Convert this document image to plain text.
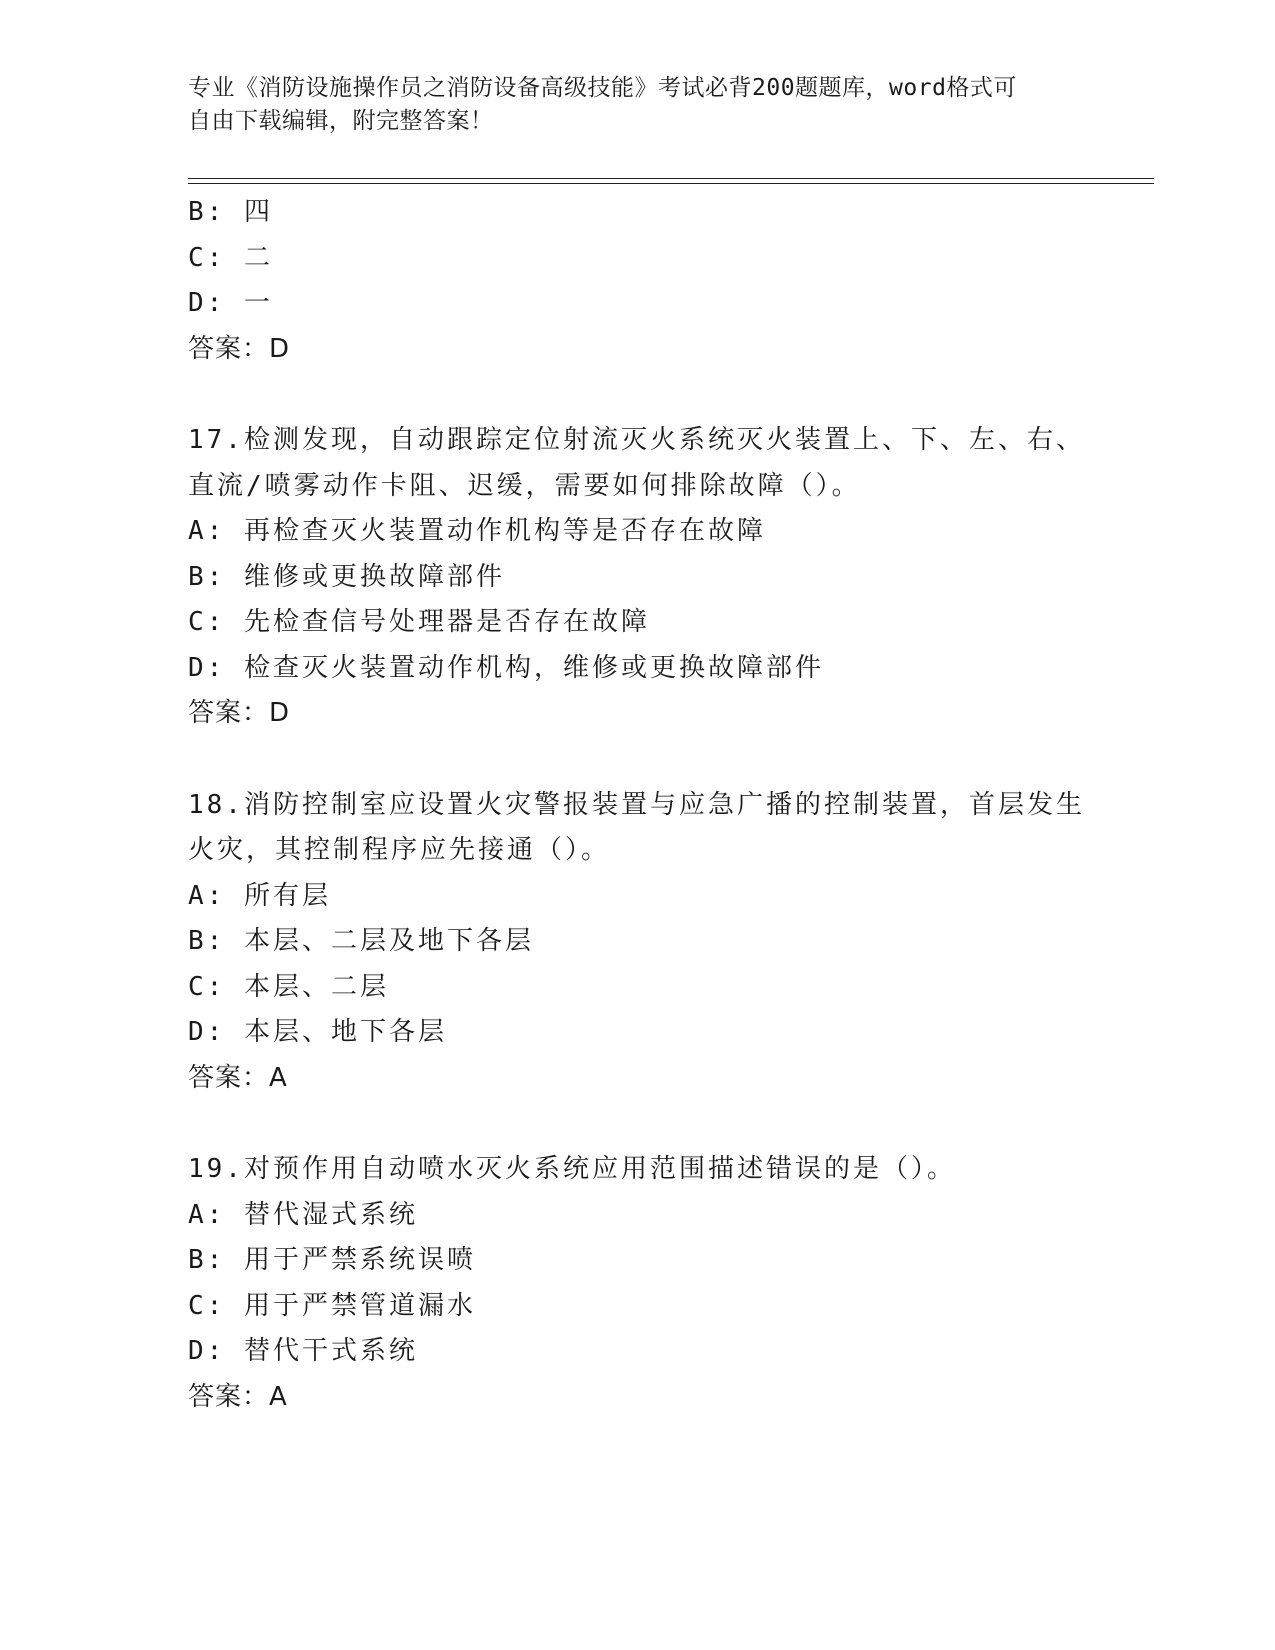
专业《消防设施操作员之消防设备高级技能》考试必背200题题库，word格式可
自由下载编辑，附完整答案！
B: 四
C: 二
D: 一
答案：D
17.检测发现，自动跟踪定位射流灭火系统灭火装置上、下、左、右、
直流/喷雾动作卡阻、迟缓，需要如何排除故障（）。
A: 再检查灭火装置动作机构等是否存在故障
B: 维修或更换故障部件
C: 先检查信号处理器是否存在故障
D: 检查灭火装置动作机构，维修或更换故障部件
答案：D
18.消防控制室应设置火灾警报装置与应急广播的控制装置，首层发生
火灾，其控制程序应先接通（）。
A: 所有层
B: 本层、二层及地下各层
C: 本层、二层
D: 本层、地下各层
答案：A
19.对预作用自动喷水灭火系统应用范围描述错误的是（）。
A: 替代湿式系统
B: 用于严禁系统误喷
C: 用于严禁管道漏水
D: 替代干式系统
答案：A
